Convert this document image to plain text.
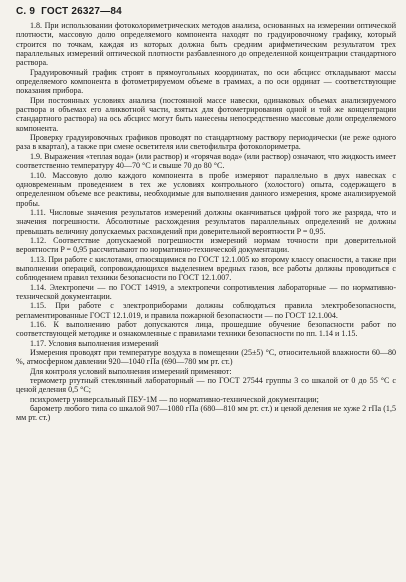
С. 9 ГОСТ 26327—84

1.8. При использовании фотоколориметрических методов анализа, основанных на измерении оптической плотности, массовую долю определяемого компонента находят по градуировочному графику, который строится по точкам, каждая из которых должна быть средним арифметическим результатом трех параллельных измерений оптической плотности разбавленного до определенной концентрации стандартного раствора.

Градуировочный график строят в прямоугольных координатах, по оси абсцисс откладывают массы определяемого компонента в фотометрируемом объеме в граммах, а по оси ординат — соответствующие показания прибора.

При постоянных условиях анализа (постоянной массе навески, одинаковых объемах анализируемого раствора и объемах его аликвотной части, взятых для фотометрирования одной и той же концентрации стандартного раствора) на ось абсцисс могут быть нанесены непосредственно массовые доли определяемого компонента.

Проверку градуировочных графиков проводят по стандартному раствору периодически (не реже одного раза в квартал), а также при смене осветителя или светофильтра фотоколориметра.

1.9. Выражения «теплая вода» (или раствор) и «горячая вода» (или раствор) означают, что жидкость имеет соответственно температуру 40—70 °С и свыше 70 до 80 °С.

1.10. Массовую долю каждого компонента в пробе измеряют параллельно в двух навесках с одновременным проведением в тех же условиях контрольного (холостого) опыта, содержащего в определенном объеме все реактивы, необходимые для выполнения данного измерения, кроме анализируемой пробы.

1.11. Числовые значения результатов измерений должны оканчиваться цифрой того же разряда, что и значения погрешности. Абсолютные расхождения результатов параллельных определений не должны превышать величину допускаемых расхождений при доверительной вероятности P = 0,95.

1.12. Соответствие допускаемой погрешности измерений нормам точности при доверительной вероятности P = 0,95 рассчитывают по нормативно-технической документации.

1.13. При работе с кислотами, относящимися по ГОСТ 12.1.005 ко второму классу опасности, а также при выполнении операций, сопровождающихся выделением вредных газов, все работы должны проводиться с соблюдением правил техники безопасности по ГОСТ 12.1.007.

1.14. Электропечи — по ГОСТ 14919, а электропечи сопротивления лабораторные — по нормативно-технической документации.

1.15. При работе с электроприборами должны соблюдаться правила электробезопасности, регламентированные ГОСТ 12.1.019, и правила пожарной безопасности — по ГОСТ 12.1.004.

1.16. К выполнению работ допускаются лица, прошедшие обучение безопасности работ по соответствующей методике и ознакомленные с правилами техники безопасности по пп. 1.14 и 1.15.

1.17. Условия выполнения измерений

Измерения проводят при температуре воздуха в помещении (25±5) °С, относительной влажности 60—80 %, атмосферном давлении 920—1040 гПа (690—780 мм рт. ст.)

Для контроля условий выполнения измерений применяют:

термометр ртутный стеклянный лабораторный — по ГОСТ 27544 группы 3 со шкалой от 0 до 55 °С с ценой деления 0,5 °С;

психрометр универсальный ПБУ-1М — по нормативно-технической документации;

барометр любого типа со шкалой 907—1080 гПа (680—810 мм рт. ст.) и ценой деления не хуже 2 гПа (1,5 мм рт. ст.)
